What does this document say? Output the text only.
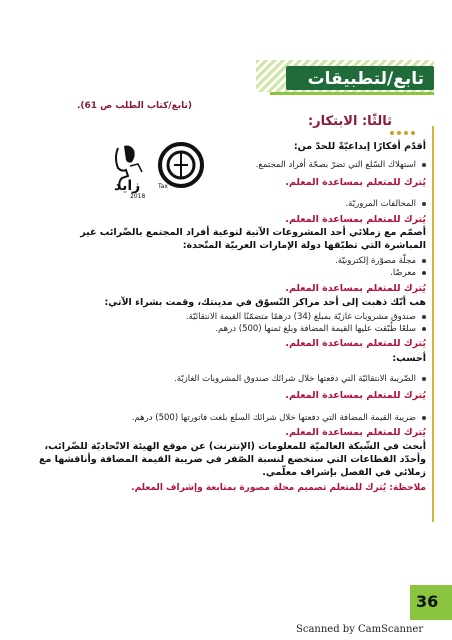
تابع/لتطبيقات
(تابع/كتاب الطلب ص 61).
ثالثًا: الابتكار:
زايد
2018
Tax
أقدّم أفكارًا إبداعيّةً للحدّ من:
استهلاك السّلع التي تضرّ بصحّة أفراد المجتمع.
يُترك للمتعلم بمساعدة المعلم.
المخالفات المروريّة.
يُترك للمتعلم بمساعدة المعلم.
أصمّم مع زملائي أحد المشروعات الآتية لتوعية أفراد المجتمع بالضّرائب غير المباشرة التي تطبّقها دولة الإمارات العربيّة المتّحدة:
مجلّة مصوّرة إلكترونيّة.
معرضًا.
يُترك للمتعلم بمساعدة المعلم.
هب أنّك ذهبت إلى أحد مراكز التّسوّق في مدينتك، وقمت بشراء الآتي:
صندوق مشروبات غازيّة بمبلغ (34) درهمًا متضمّنًا القيمة الانتقائيّة.
سلعًا طُبّقت عليها القيمة المضافة وبلغ ثمنها (500) درهم.
يُترك للمتعلم بمساعدة المعلم.
أحسب:
الضّريبة الانتقائيّة التي دفعتها خلال شرائك صندوق المشروبات الغازيّة.
يُترك للمتعلم بمساعدة المعلم.
ضريبة القيمة المضافة التي دفعتها خلال شرائك السلع بلغت فاتورتها (500) درهم.
يُترك للمتعلم بمساعدة المعلم.
أبحث في الشّبكة العالميّة للمعلومات (الإنترنت) عن موقع الهيئة الاتّحاديّة للضّرائب، وأحدّد القطاعات التي ستخضع لنسبة الصّفر في ضريبة القيمة المضافة وأناقشها مع زملائي في الفصل بإشراف معلّمي.
ملاحظة: يُترك للمتعلم تصميم مجلة مصورة بمتابعة وإشراف المعلم.
36
Scanned by CamScanner
